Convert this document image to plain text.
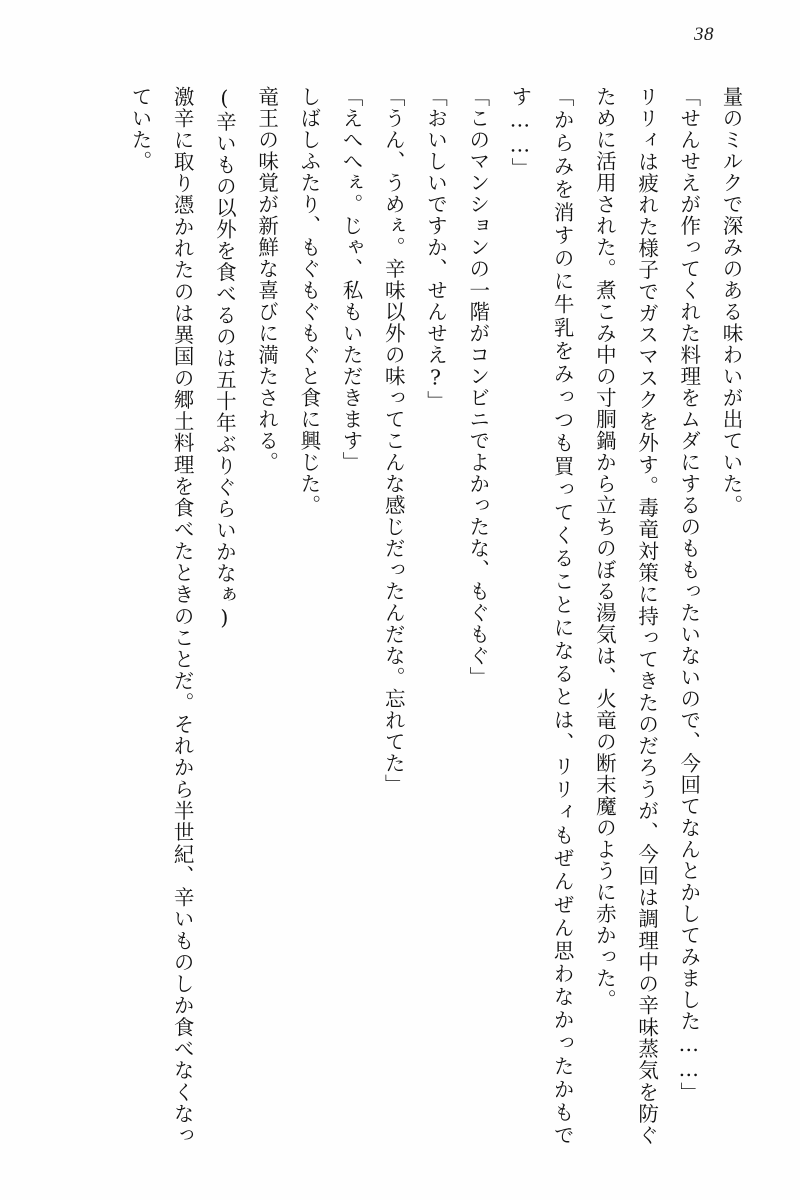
38

量のミルクで深みのある味わいが出ていた。

「せんせえが作ってくれた料理をムダにするのももったいないので、今回てなんとかしてみました……」

リリィは疲れた様子でガスマスクを外す。毒竜対策に持ってきたのだろうが、今回は調理中の辛味蒸気を防ぐために活用された。煮こみ中の寸胴鍋から立ちのぼる湯気は、火竜の断末魔のように赤かった。

「からみを消すのに牛乳をみっつも買ってくることになるとは、リリィもぜんぜん思わなかったかもです……」

「このマンションの一階がコンビニでよかったな、もぐもぐ」

「おいしいですか、せんせえ?」

「うん、うめぇ。辛味以外の味ってこんな感じだったんだな。忘れてた」

「えへへぇ。じゃ、私もいただきます」

しばしふたり、もぐもぐもぐと食に興じた。

竜王の味覚が新鮮な喜びに満たされる。

(辛いもの以外を食べるのは五十年ぶりぐらいかなぁ)

激辛に取り憑かれたのは異国の郷土料理を食べたときのことだ。それから半世紀、辛いものしか食べなくなっていた。
